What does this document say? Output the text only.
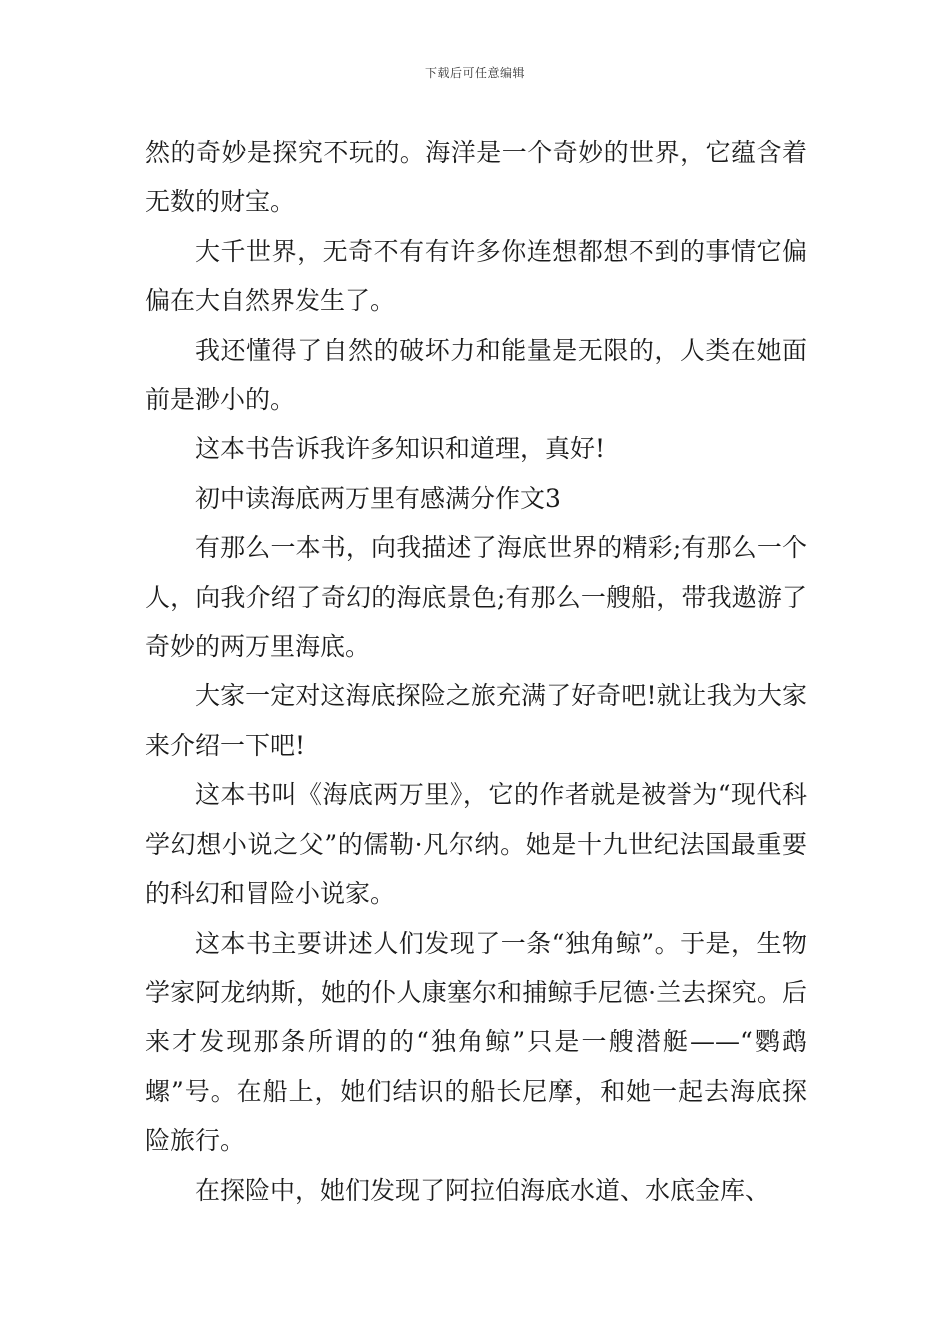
下载后可任意编辑

然的奇妙是探究不玩的。海洋是一个奇妙的世界，它蕴含着无数的财宝。

大千世界，无奇不有有许多你连想都想不到的事情它偏偏在大自然界发生了。

我还懂得了自然的破坏力和能量是无限的，人类在她面前是渺小的。

这本书告诉我许多知识和道理，真好!

初中读海底两万里有感满分作文3

有那么一本书，向我描述了海底世界的精彩;有那么一个人，向我介绍了奇幻的海底景色;有那么一艘船，带我遨游了奇妙的两万里海底。

大家一定对这海底探险之旅充满了好奇吧!就让我为大家来介绍一下吧!

这本书叫《海底两万里》，它的作者就是被誉为“现代科学幻想小说之父”的儒勒·凡尔纳。她是十九世纪法国最重要的科幻和冒险小说家。

这本书主要讲述人们发现了一条“独角鲸”。于是，生物学家阿龙纳斯，她的仆人康塞尔和捕鲸手尼德·兰去探究。后来才发现那条所谓的的“独角鲸”只是一艘潜艇——“鹦鹉螺”号。在船上，她们结识的船长尼摩，和她一起去海底探险旅行。

在探险中，她们发现了阿拉伯海底水道、水底金库、
